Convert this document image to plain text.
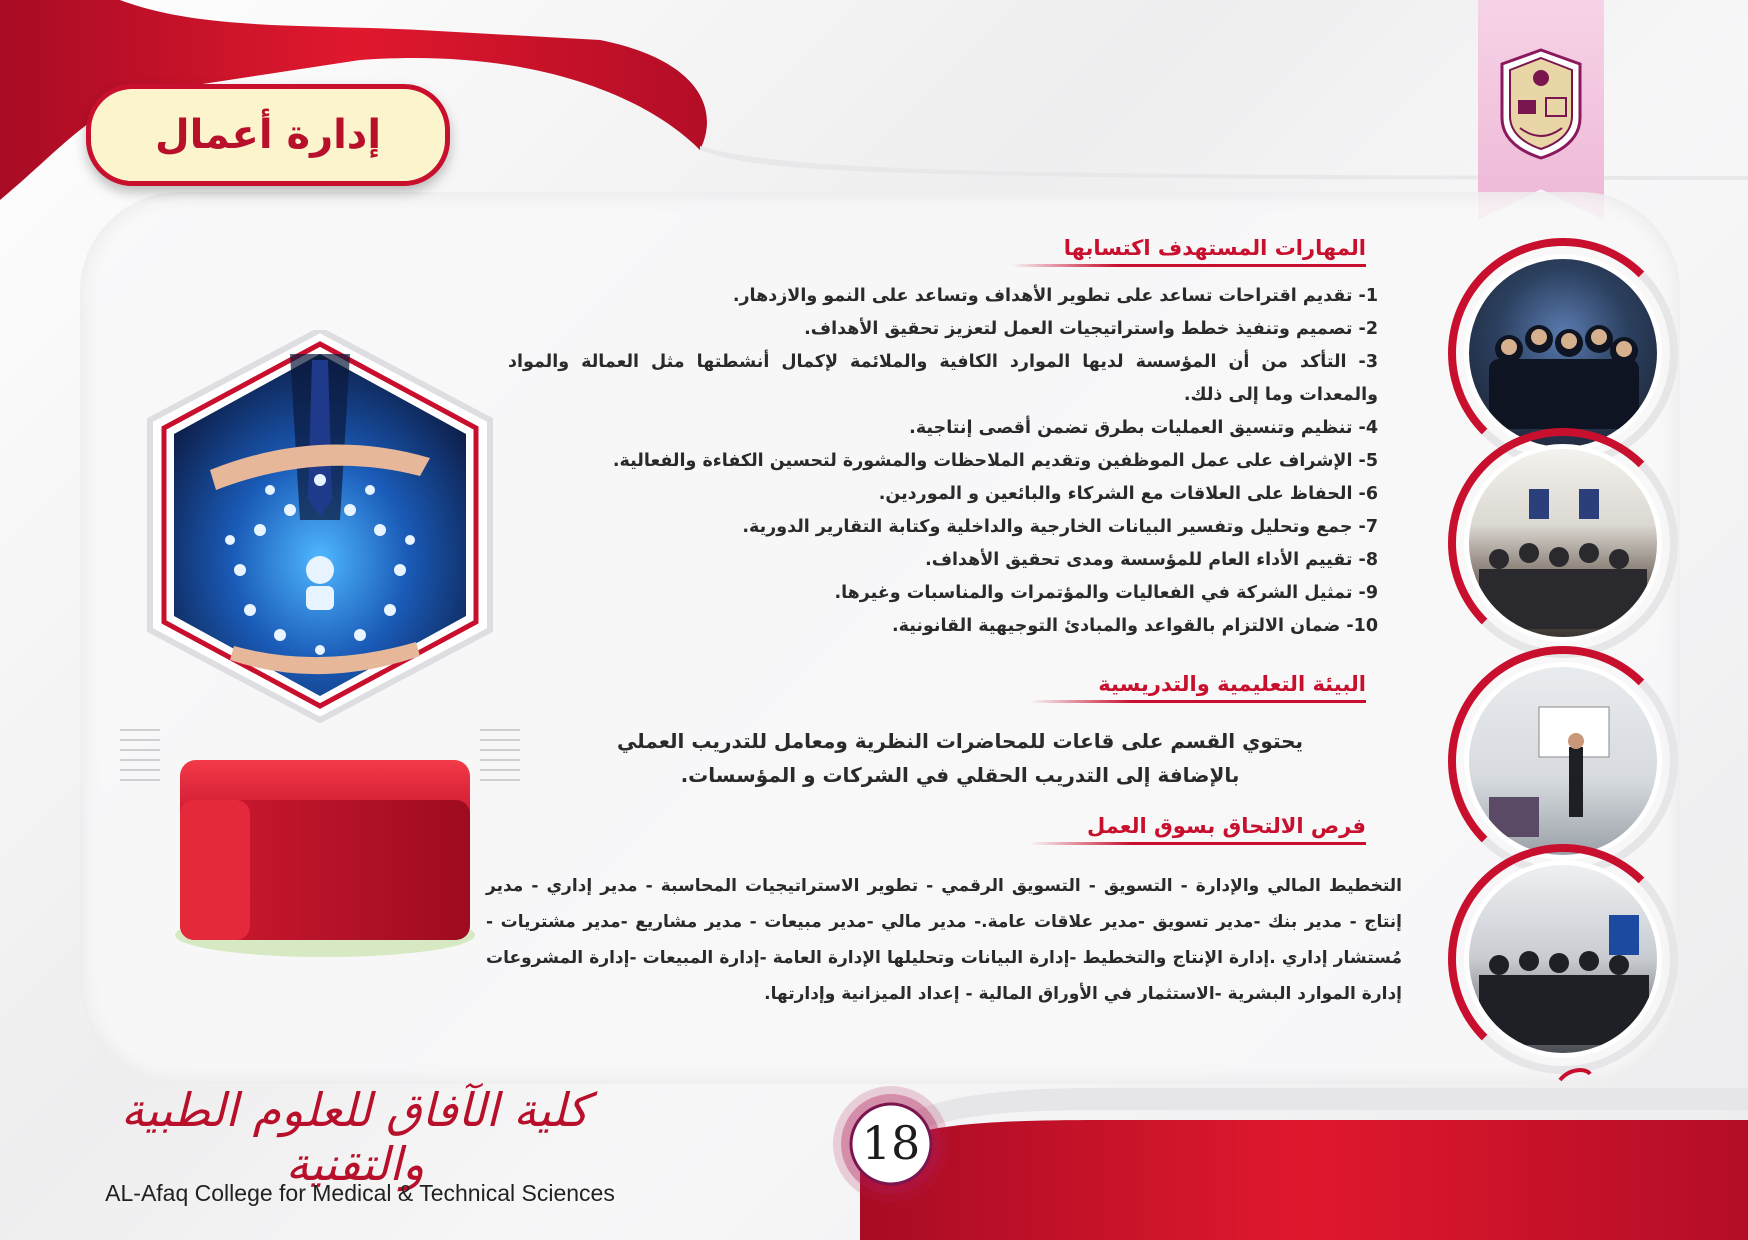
إدارة أعمال
المهارات المستهدف اكتسابها
1- تقديم اقتراحات تساعد على تطوير الأهداف وتساعد على النمو والازدهار.
2- تصميم وتنفيذ خطط واستراتيجيات العمل لتعزيز تحقيق الأهداف.
3- التأكد من أن المؤسسة لديها الموارد الكافية والملائمة لإكمال أنشطتها مثل العمالة والمواد والمعدات وما إلى ذلك.
4- تنظيم وتنسيق العمليات بطرق تضمن أقصى إنتاجية.
5- الإشراف على عمل الموظفين وتقديم الملاحظات والمشورة لتحسين الكفاءة والفعالية.
6- الحفاظ على العلاقات مع الشركاء والبائعين و الموردين.
7- جمع وتحليل وتفسير البيانات الخارجية والداخلية وكتابة التقارير الدورية.
8- تقييم الأداء العام للمؤسسة ومدى تحقيق الأهداف.
9- تمثيل الشركة في الفعاليات والمؤتمرات والمناسبات وغيرها.
10- ضمان الالتزام بالقواعد والمبادئ التوجيهية القانونية.
البيئة التعليمية والتدريسية
يحتوي القسم على قاعات للمحاضرات النظرية ومعامل للتدريب العملي بالإضافة إلى التدريب الحقلي في الشركات و المؤسسات.
فرص الالتحاق بسوق العمل
التخطيط المالي والإدارة - التسويق - التسويق الرقمي - تطوير الاستراتيجيات المحاسبة - مدير إداري - مدير إنتاج - مدير بنك -مدير تسويق -مدير علاقات عامة.- مدير مالي -مدير مبيعات - مدير مشاريع -مدير مشتريات - مُستشار إداري .إدارة الإنتاج والتخطيط -إدارة البيانات وتحليلها الإدارة العامة -إدارة المبيعات -إدارة المشروعات إدارة الموارد البشرية -الاستثمار في الأوراق المالية - إعداد الميزانية وإدارتها.
18
كلية الآفاق للعلوم الطبية والتقنية
AL-Afaq College for Medical & Technical Sciences
